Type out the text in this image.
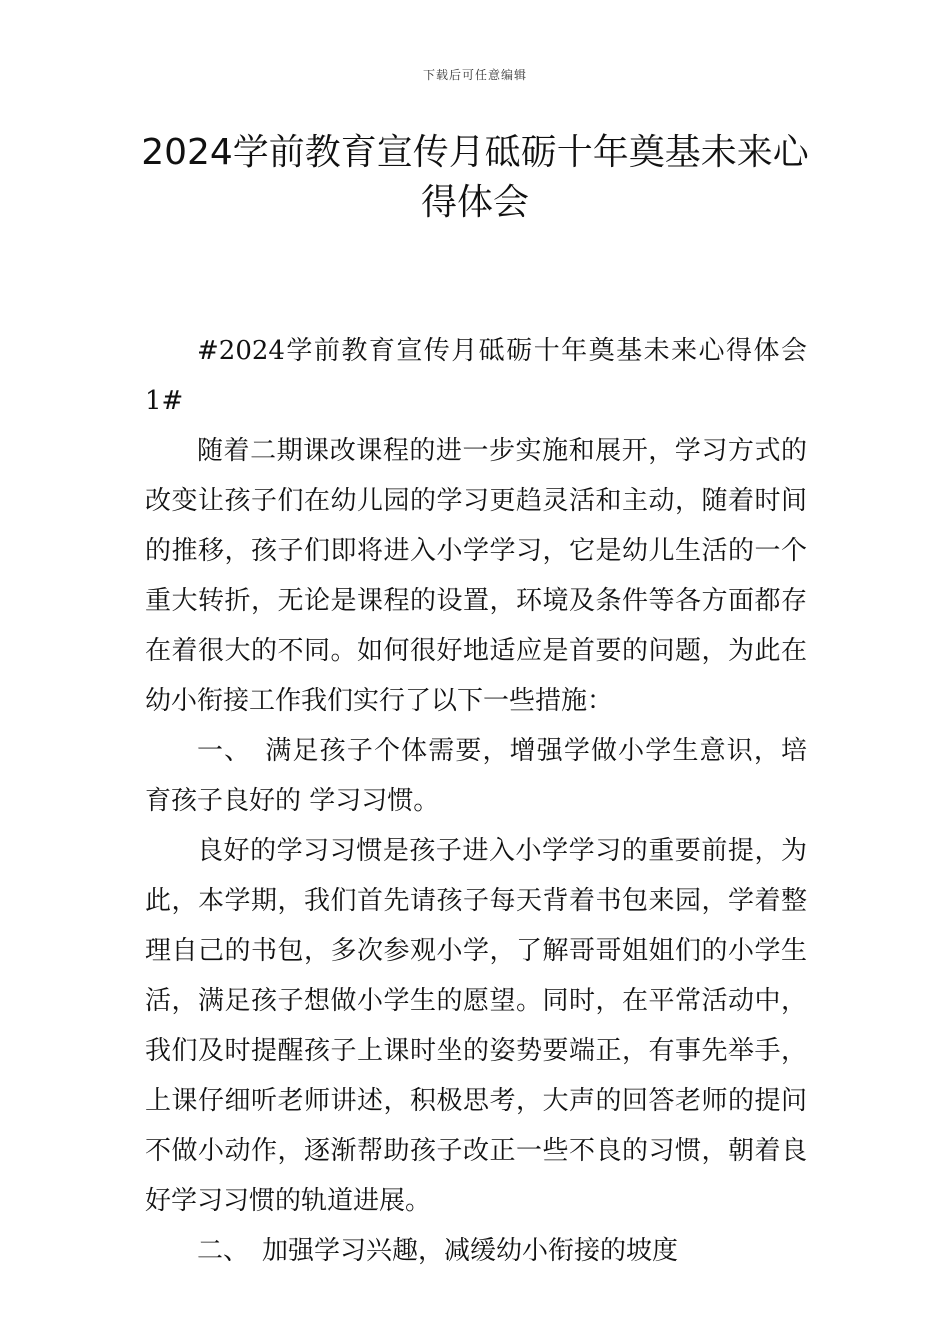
下载后可任意编辑
2024学前教育宣传月砥砺十年奠基未来心
得体会

#2024学前教育宣传月砥砺十年奠基未来心得体会1#

随着二期课改课程的进一步实施和展开，学习方式的改变让孩子们在幼儿园的学习更趋灵活和主动，随着时间的推移，孩子们即将进入小学学习，它是幼儿生活的一个重大转折，无论是课程的设置，环境及条件等各方面都存在着很大的不同。如何很好地适应是首要的问题，为此在幼小衔接工作我们实行了以下一些措施：

一、　满足孩子个体需要，增强学做小学生意识，培育孩子良好的 学习习惯。

良好的学习习惯是孩子进入小学学习的重要前提，为此，本学期，我们首先请孩子每天背着书包来园，学着整理自己的书包，多次参观小学，了解哥哥姐姐们的小学生活，满足孩子想做小学生的愿望。同时，在平常活动中，我们及时提醒孩子上课时坐的姿势要端正，有事先举手，上课仔细听老师讲述，积极思考，大声的回答老师的提问不做小动作，逐渐帮助孩子改正一些不良的习惯，朝着良好学习习惯的轨道进展。

二、　加强学习兴趣，减缓幼小衔接的坡度
